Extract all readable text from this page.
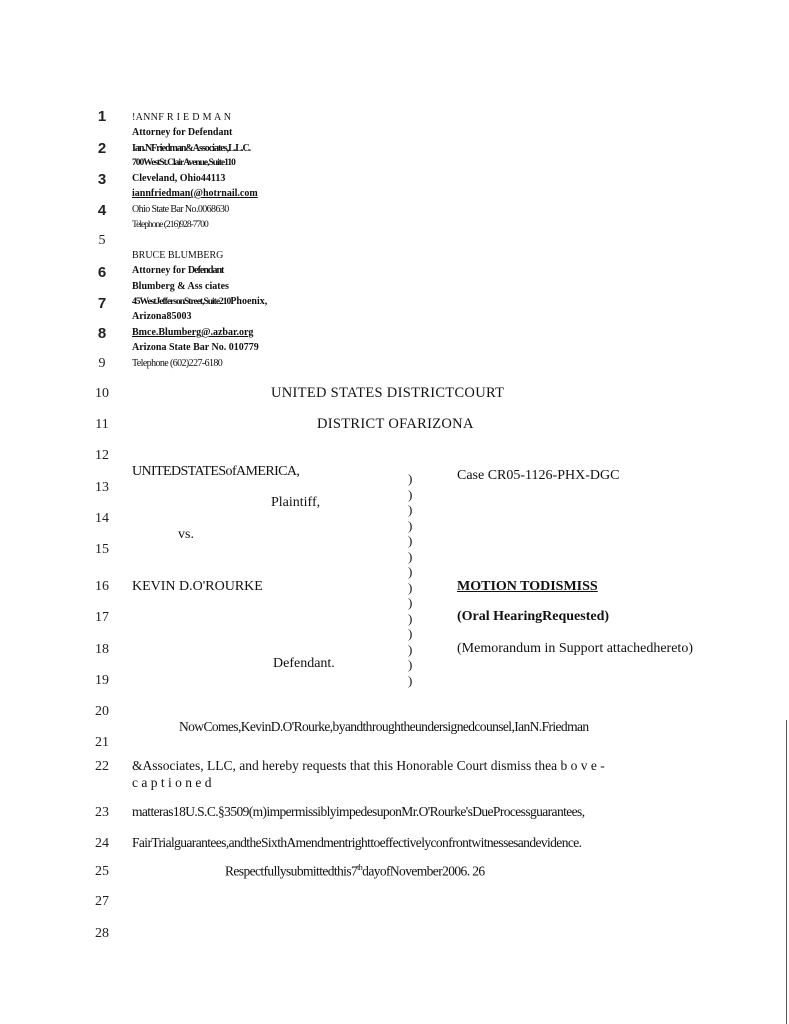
1
2
3
4
5
6
7
8
9
10
11
12
13
14
15
16
17
18
19
20
21
22
23
24
25
27
28
!ANNF R I E D M A N
Attorney for Defendant
Ian.NFriedman&Associates,L.L.C.
700WestSt.ClairAvenue,Suite110
Cleveland, Ohio44113
iannfriedman(@hotrnail.com
Ohio State Bar No.0068630
Telephone (216)928-7700
BRUCE BLUMBERG
Attorney for Defendant
Blumberg & Ass ciates
45WestJeffersonStreet,Suite210Phoenix,
Arizona85003
Bmce.Blumberg@.azbar.org
Arizona State Bar No. 010779
Telephone (602)227-6180
UNITED STATES DISTRICTCOURT
DISTRICT OFARIZONA
UNITEDSTATESofAMERICA,
Plaintiff,
vs.
KEVIN D.O'ROURKE
Defendant.
)
)
)
)
)
)
)
)
)
)
)
)
)
)
Case CR05-1126-PHX-DGC
MOTION TODISMISS
(Oral HearingRequested)
(Memorandum in Support attachedhereto)
NowComes,KevinD.O'Rourke,byandthroughtheundersignedcounsel,IanN.Friedman
&Associates, LLC, and hereby requests that this Honorable Court dismiss thea b o v e -
c a p t i o n e d
matteras18U.S.C.§3509(m)impermissiblyimpedesuponMr.O'Rourke'sDueProcessguarantees,
FairTrialguarantees,andtheSixthAmendmentrighttoeffectivelyconfrontwitnessesandevidence.
Respectfullysubmittedthis7thdayofNovember2006. 26
